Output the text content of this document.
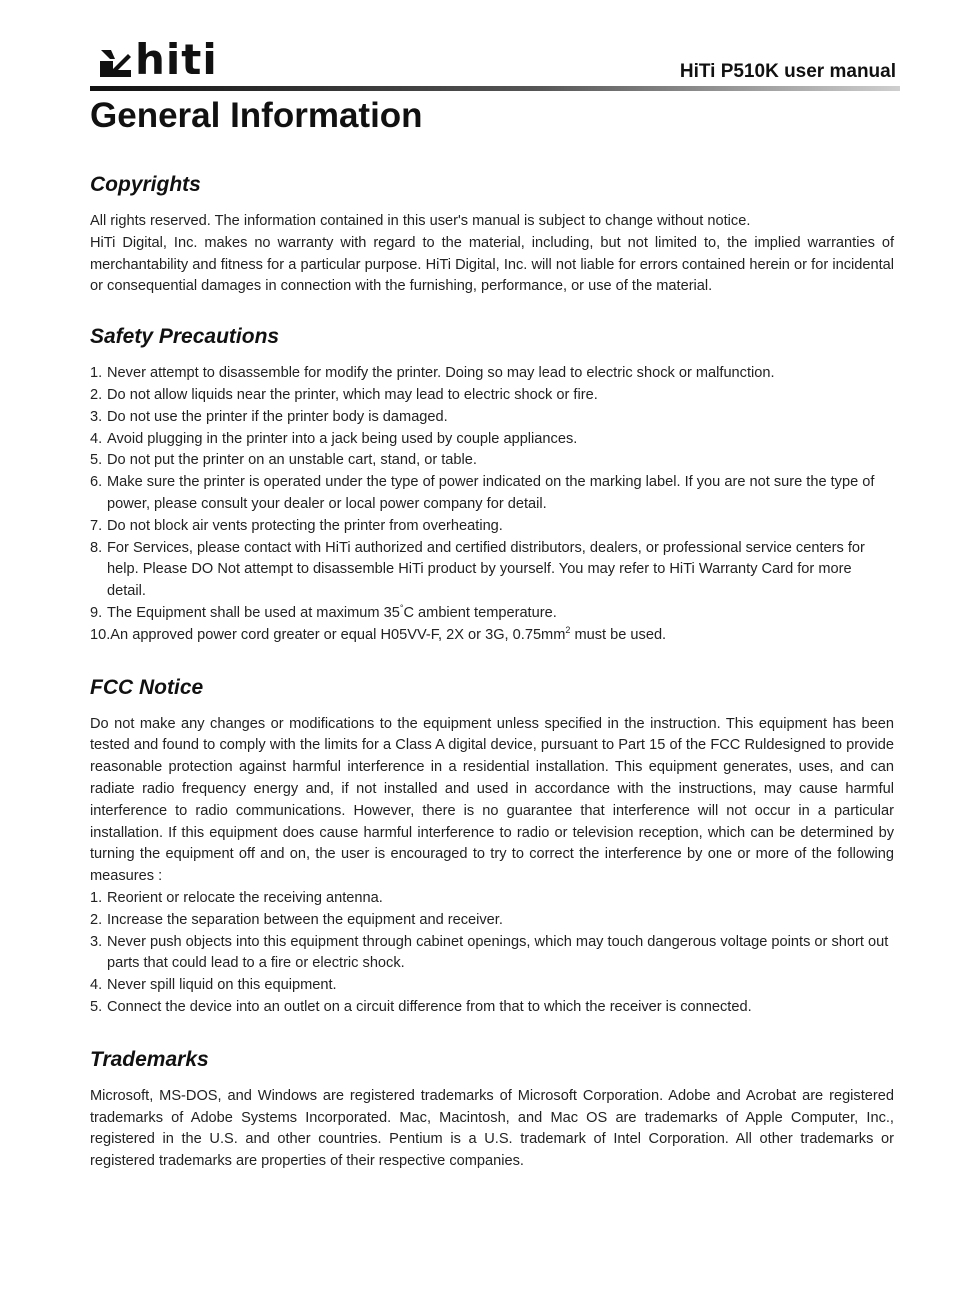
hiti	HiTi P510K user manual
General Information
Copyrights

All rights reserved. The information contained in this user's manual is subject to change without notice.

HiTi Digital, Inc. makes no warranty with regard to the material, including, but not limited to, the implied warranties of merchantability and fitness for a particular purpose. HiTi Digital, Inc. will not liable for errors contained herein or for incidental or consequential damages in connection with the furnishing, performance, or use of the material.

Safety Precautions
1. Never attempt to disassemble for modify the printer. Doing so may lead to electric shock or malfunction.
2. Do not allow liquids near the printer, which may lead to electric shock or fire.
3. Do not use the printer if the printer body is damaged.
4. Avoid plugging in the printer into a jack being used by couple appliances.
5. Do not put the printer on an unstable cart, stand, or table.
6. Make sure the printer is operated under the type of power indicated on the marking label. If you are not sure the type of power, please consult your dealer or local power company for detail.
7. Do not block air vents protecting the printer from overheating.
8. For Services, please contact with HiTi authorized and certified distributors, dealers, or professional service centers for help. Please DO Not attempt to disassemble HiTi product by yourself. You may refer to HiTi Warranty Card for more detail.
9. The Equipment shall be used at maximum 35°C ambient temperature.
10.An approved power cord greater or equal H05VV-F, 2X or 3G, $0.75mm^2$ must be used.
FCC Notice

Do not make any changes or modifications to the equipment unless specified in the instruction. This equipment has been tested and found to comply with the limits for a Class A digital device, pursuant to Part 15 of the FCC Ruldesigned to provide reasonable protection against harmful interference in a residential installation. This equipment generates, uses, and can radiate radio frequency energy and, if not installed and used in accordance with the instructions, may cause harmful interference to radio communications. However, there is no guarantee that interference will not occur in a particular installation. If this equipment does cause harmful interference to radio or television reception, which can be determined by turning the equipment off and on, the user is encouraged to try to correct the interference by one or more of the following measures :

1. Reorient or relocate the receiving antenna.
2. Increase the separation between the equipment and receiver.
3. Never push objects into this equipment through cabinet openings, which may touch dangerous voltage points or short out parts that could lead to a fire or electric shock.
4. Never spill liquid on this equipment.
5. Connect the device into an outlet on a circuit difference from that to which the receiver is connected.
Trademarks

Microsoft, MS-DOS, and Windows are registered trademarks of Microsoft Corporation. Adobe and Acrobat are registered trademarks of Adobe Systems Incorporated. Mac, Macintosh, and Mac OS are trademarks of Apple Computer, Inc., registered in the U.S. and other countries. Pentium is a U.S. trademark of Intel Corporation. All other trademarks or registered trademarks are properties of their respective companies.
